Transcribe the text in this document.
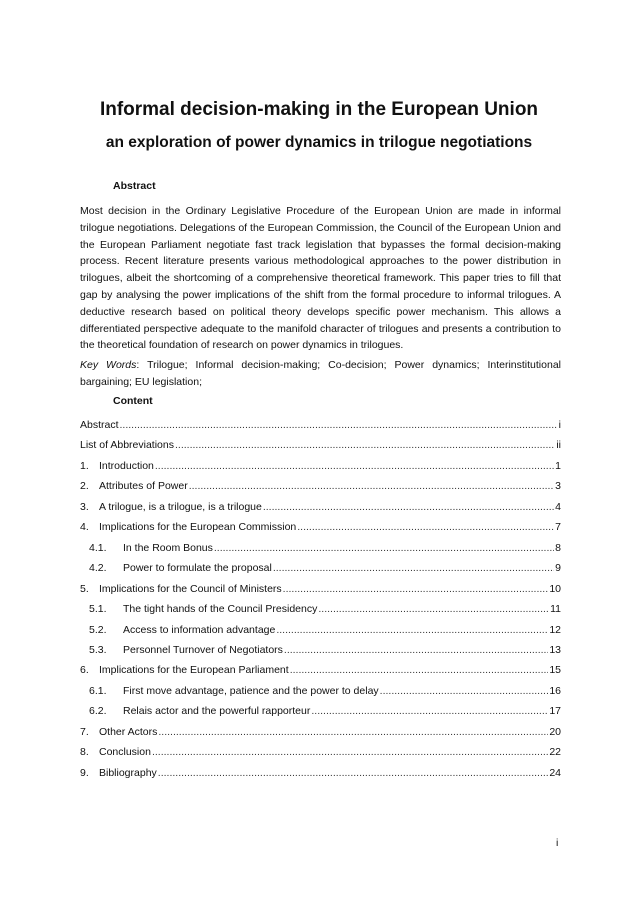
Informal decision-making in the European Union
an exploration of power dynamics in trilogue negotiations
Abstract

Most decision in the Ordinary Legislative Procedure of the European Union are made in informal trilogue negotiations. Delegations of the European Commission, the Council of the European Union and the European Parliament negotiate fast track legislation that bypasses the formal decision-making process. Recent literature presents various methodological approaches to the power distribution in trilogues, albeit the shortcoming of a comprehensive theoretical framework. This paper tries to fill that gap by analysing the power implications of the shift from the formal procedure to informal trilogues. A deductive research based on political theory develops specific power mechanism. This allows a differentiated perspective adequate to the manifold character of trilogues and presents a contribution to the theoretical foundation of research on power dynamics in trilogues.

Key Words: Trilogue; Informal decision-making; Co-decision; Power dynamics; Interinstitutional bargaining; EU legislation;

Content
Abstract .....	i
List of Abbreviations .....	ii
1. Introduction .....	1
2. Attributes of Power .....	3
3. A trilogue, is a trilogue, is a trilogue .....	4
4. Implications for the European Commission .....	7
4.1.	In the Room Bonus .....	8
4.2.	Power to formulate the proposal .....	9
5. Implications for the Council of Ministers .....	10
5.1.	The tight hands of the Council Presidency .....	11
5.2.	Access to information advantage .....	12
5.3.	Personnel Turnover of Negotiators .....	13
6. Implications for the European Parliament .....	15
6.1.	First move advantage, patience and the power to delay .....	16
6.2.	Relais actor and the powerful rapporteur .....	17
7. Other Actors .....	20
8. Conclusion .....	22
9. Bibliography .....	24
i
